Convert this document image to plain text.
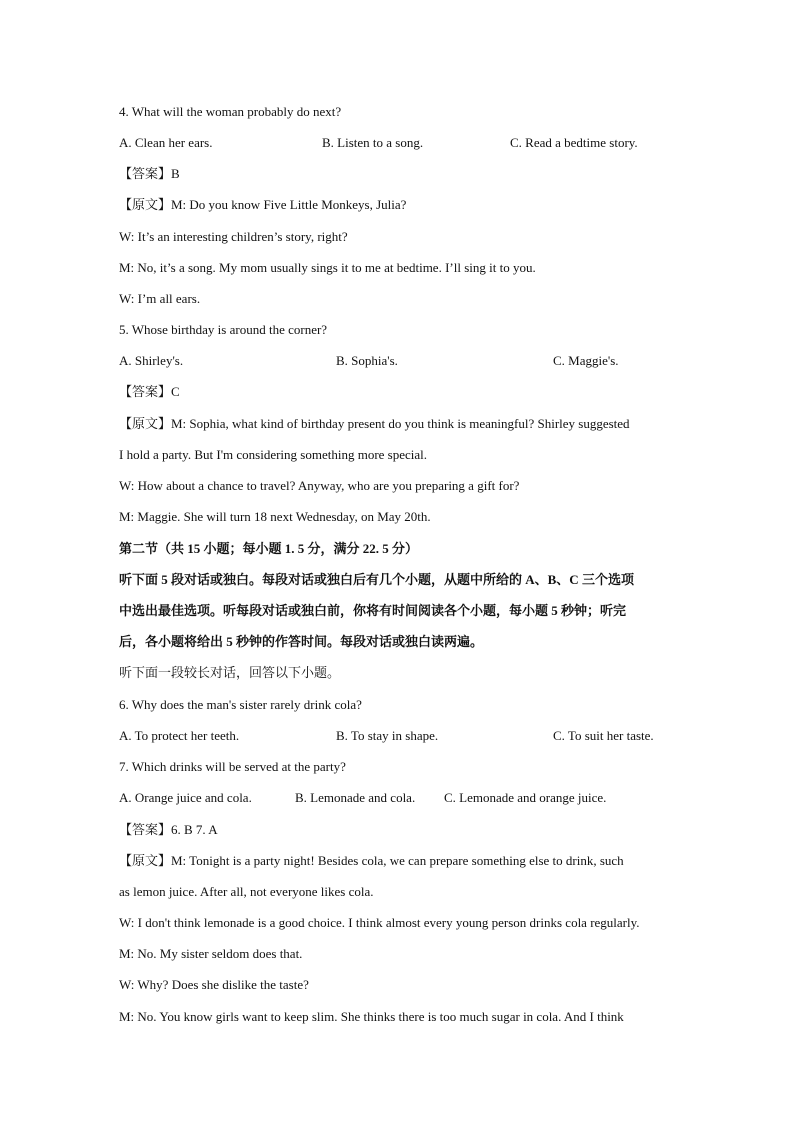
4. What will the woman probably do next?
A. Clean her ears.	B. Listen to a song.	C. Read a bedtime story.
【答案】B
【原文】M: Do you know Five Little Monkeys, Julia?
W: It’s an interesting children’s story, right?
M: No, it’s a song. My mom usually sings it to me at bedtime. I’ll sing it to you.
W: I’m all ears.
5. Whose birthday is around the corner?
A. Shirley's.	B. Sophia's.	C. Maggie's.
【答案】C
【原文】M: Sophia, what kind of birthday present do you think is meaningful? Shirley suggested
I hold a party. But I'm considering something more special.
W: How about a chance to travel? Anyway, who are you preparing a gift for?
M: Maggie. She will turn 18 next Wednesday, on May 20th.
第二节（共 15 小题；每小题 1. 5 分，满分 22. 5 分）
听下面 5 段对话或独白。每段对话或独白后有几个小题，从题中所给的 A、B、C 三个选项
中选出最佳选项。听每段对话或独白前，你将有时间阅读各个小题，每小题 5 秒钟；听完
后，各小题将给出 5 秒钟的作答时间。每段对话或独白读两遍。
听下面一段较长对话，回答以下小题。
6. Why does the man's sister rarely drink cola?
A. To protect her teeth.	B. To stay in shape.	C. To suit her taste.
7. Which drinks will be served at the party?
A. Orange juice and cola.	B. Lemonade and cola. C. Lemonade and orange juice.
【答案】6. B 7. A
【原文】M: Tonight is a party night! Besides cola, we can prepare something else to drink, such
as lemon juice. After all, not everyone likes cola.
W: I don't think lemonade is a good choice. I think almost every young person drinks cola regularly.
M: No. My sister seldom does that.
W: Why? Does she dislike the taste?
M: No. You know girls want to keep slim. She thinks there is too much sugar in cola. And I think
